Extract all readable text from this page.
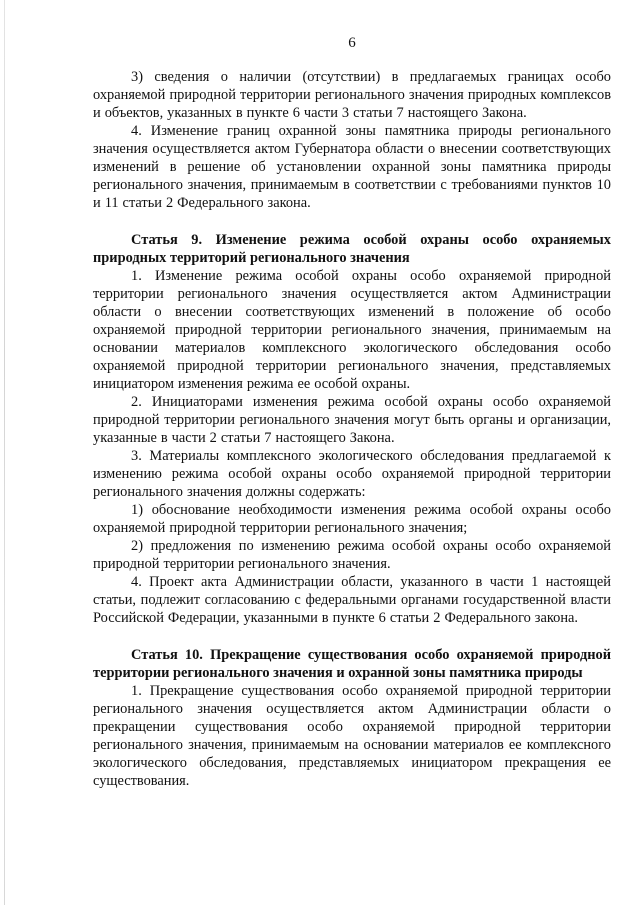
6

3) сведения о наличии (отсутствии) в предлагаемых границах особо охраняемой природной территории регионального значения природных комплексов и объектов, указанных в пункте 6 части 3 статьи 7 настоящего Закона.

4. Изменение границ охранной зоны памятника природы регионального значения осуществляется актом Губернатора области о внесении соответствующих изменений в решение об установлении охранной зоны памятника природы регионального значения, принимаемым в соответствии с требованиями пунктов 10 и 11 статьи 2 Федерального закона.

Статья 9. Изменение режима особой охраны особо охраняемых природных территорий регионального значения

1. Изменение режима особой охраны особо охраняемой природной территории регионального значения осуществляется актом Администрации области о внесении соответствующих изменений в положение об особо охраняемой природной территории регионального значения, принимаемым на основании материалов комплексного экологического обследования особо охраняемой природной территории регионального значения, представляемых инициатором изменения режима ее особой охраны.

2. Инициаторами изменения режима особой охраны особо охраняемой природной территории регионального значения могут быть органы и организации, указанные в части 2 статьи 7 настоящего Закона.

3. Материалы комплексного экологического обследования предлагаемой к изменению режима особой охраны особо охраняемой природной территории регионального значения должны содержать:

1) обоснование необходимости изменения режима особой охраны особо охраняемой природной территории регионального значения;

2) предложения по изменению режима особой охраны особо охраняемой природной территории регионального значения.

4. Проект акта Администрации области, указанного в части 1 настоящей статьи, подлежит согласованию с федеральными органами государственной власти Российской Федерации, указанными в пункте 6 статьи 2 Федерального закона.

Статья 10. Прекращение существования особо охраняемой природной территории регионального значения и охранной зоны памятника природы

1. Прекращение существования особо охраняемой природной территории регионального значения осуществляется актом Администрации области о прекращении существования особо охраняемой природной территории регионального значения, принимаемым на основании материалов ее комплексного экологического обследования, представляемых инициатором прекращения ее существования.
